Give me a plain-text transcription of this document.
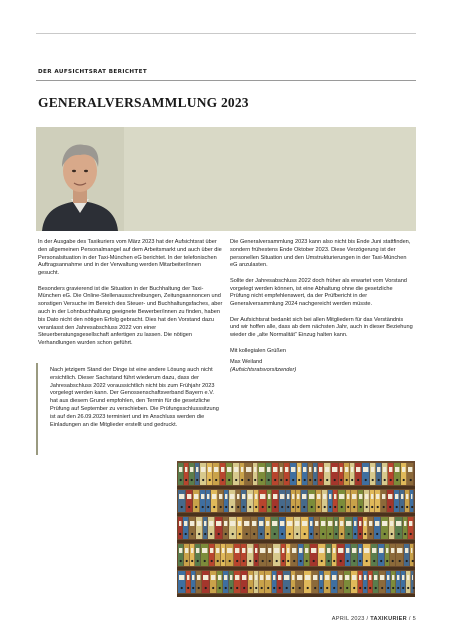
DER AUFSICHTSRAT BERICHTET
GENERALVERSAMMLUNG 2023

In der Ausgabe des Taxikuriers vom März 2023 hat der Aufsichtsrat über den allgemeinen Personalmangel auf dem Arbeitsmarkt und auch über die Personalsituation in der Taxi-München eG berichtet. In der telefonischen Auftragsannahme und in der Verwaltung werden Mitarbeiter/innen gesucht.

Besonders gravierend ist die Situation in der Buchhaltung der Taxi-München eG. Die Online-Stellenausschreibungen, Zeitungsannoncen und sonstigen Versuche im Bereich des Steuer- und Buchhaltungsfaches, aber auch in der Lohnbuchhaltung geeignete Bewerber/innen zu finden, haben bis Dato nicht den nötigen Erfolg gebracht. Dies hat den Vorstand dazu veranlasst den Jahresabschluss 2022 von einer Steuerberatungsgesellschaft anfertigen zu lassen. Die nötigen Verhandlungen wurden schon geführt.

Nach jetzigem Stand der Dinge ist eine andere Lösung auch nicht ersichtlich. Dieser Sachstand führt wiederum dazu, dass der Jahresabschluss 2022 voraussichtlich nicht bis zum Frühjahr 2023 vorgelegt werden kann. Der Genossenschaftsverband Bayern e.V. hat aus diesem Grund empfohlen, den Termin für die gesetzliche Prüfung auf September zu verschieben. Die Prüfungsschlusssitzung ist auf den 26.09.2023 terminiert und im Anschluss werden die Einladungen an die Mitglieder erstellt und gedruckt.

Die Generalversammlung 2023 kann also nicht bis Ende Juni stattfinden, sondern frühestens Ende Oktober 2023. Diese Verzögerung ist der personellen Situation und den Umstrukturierungen in der Taxi-München eG anzulasten.

Sollte der Jahresabschluss 2022 doch früher als erwartet vom Vorstand vorgelegt werden können, ist eine Abhaltung ohne die gesetzliche Prüfung nicht empfehlenswert, da der Prüfbericht in der Generalversammlung 2024 nachgereicht werden müsste.

Der Aufsichtsrat bedankt sich bei allen Mitgliedern für das Verständnis und wir hoffen alle, dass ab dem nächsten Jahr, auch in dieser Beziehung wieder die „alte Normalität“ Einzug halten kann.

Mit kollegialen Grüßen

Max Weiland
(Aufsichtsratsvorsitzender)
APRIL 2023 / TAXIKURIER / 5
